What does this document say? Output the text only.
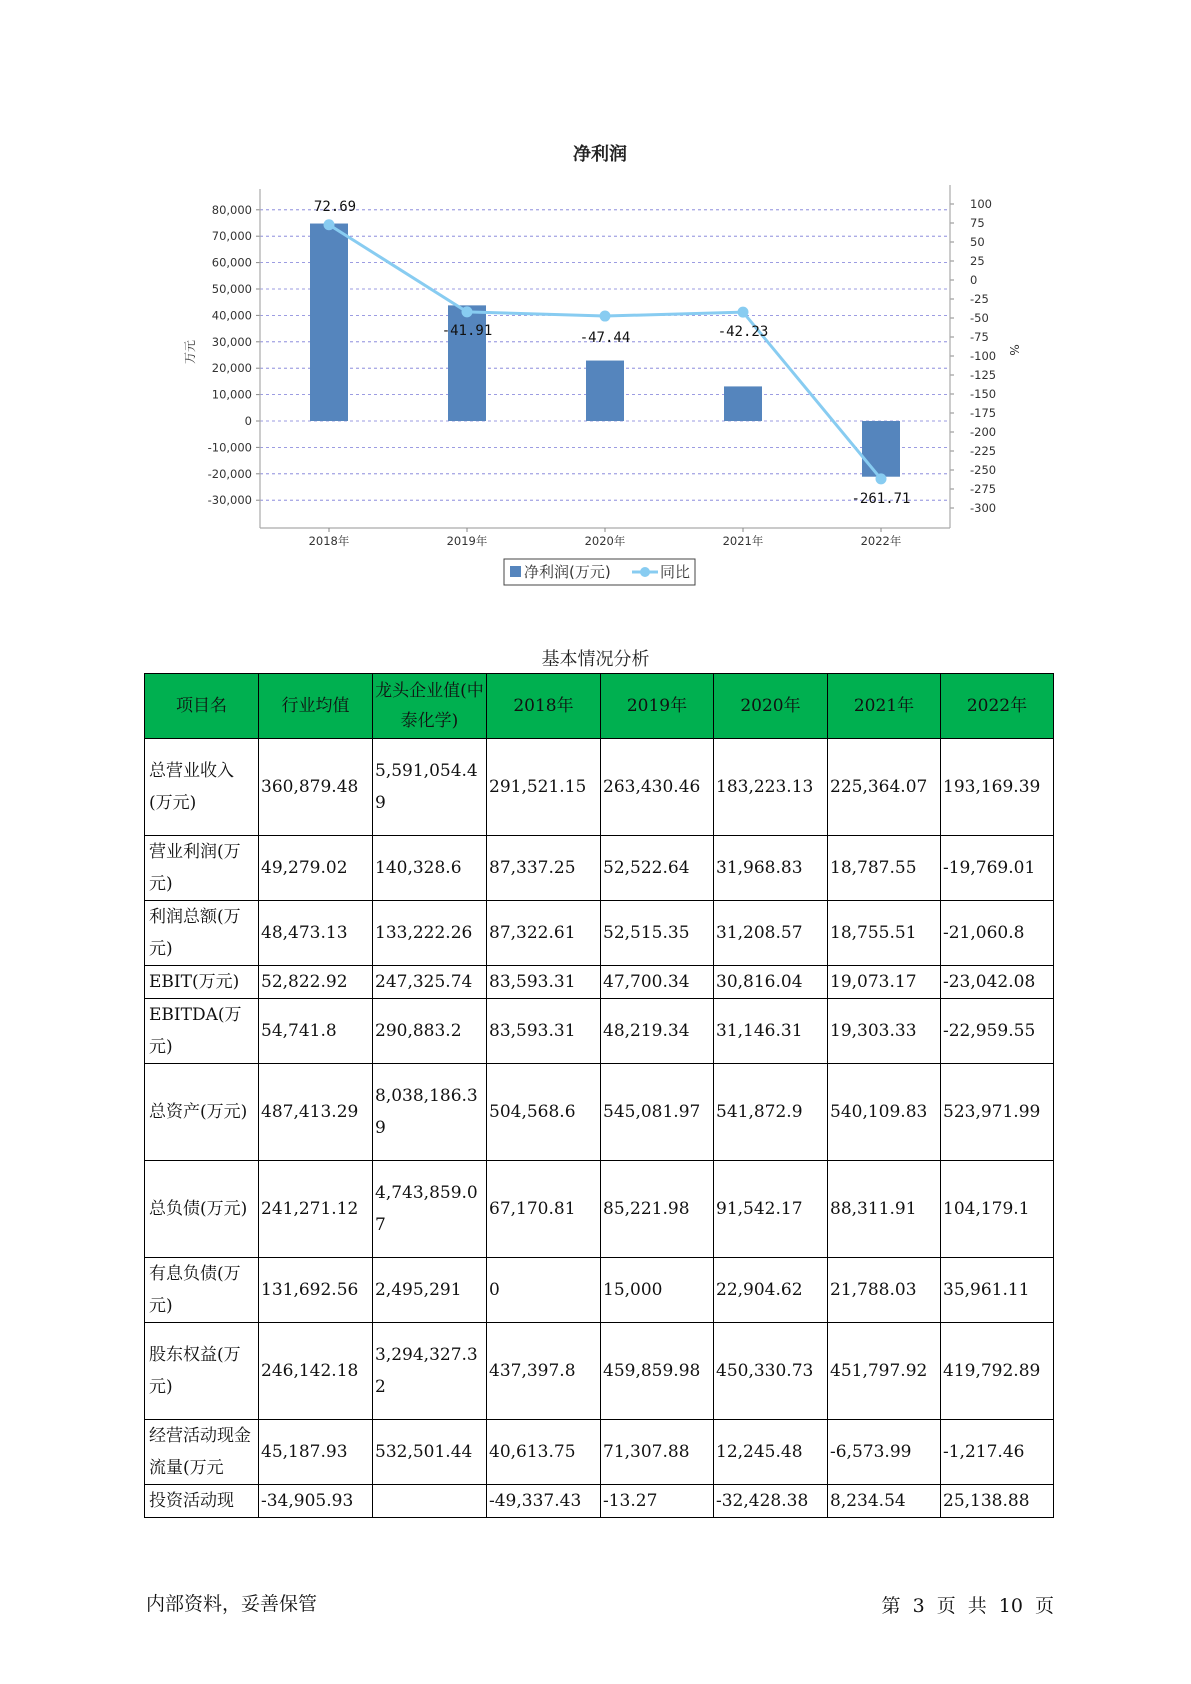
净利润
80,000
70,000
60,000
50,000
40,000
30,000
20,000
10,000
0
-10,000
-20,000
-30,000
100
75
50
25
0
-25
-50
-75
-100
-125
-150
-175
-200
-225
-250
-275
-300
万元	%
2018年	2019年	2020年	2021年	2022年
72.69
-41.91	-47.44	-42.23
-261.71
净利润(万元)	同比
基本情况分析
项目名	行业均值	龙头企业值(中泰化学)	2018年	2019年	2020年	2021年	2022年
总营业收入(万元)	360,879.48	5,591,054.49	291,521.15	263,430.46	183,223.13	225,364.07	193,169.39
营业利润(万元)	49,279.02	140,328.6	87,337.25	52,522.64	31,968.83	18,787.55	-19,769.01
利润总额(万元)	48,473.13	133,222.26	87,322.61	52,515.35	31,208.57	18,755.51	-21,060.8
EBIT(万元)	52,822.92	247,325.74	83,593.31	47,700.34	30,816.04	19,073.17	-23,042.08
EBITDA(万元)	54,741.8	290,883.2	83,593.31	48,219.34	31,146.31	19,303.33	-22,959.55
总资产(万元)	487,413.29	8,038,186.39	504,568.6	545,081.97	541,872.9	540,109.83	523,971.99
总负债(万元)	241,271.12	4,743,859.07	67,170.81	85,221.98	91,542.17	88,311.91	104,179.1
有息负债(万元)	131,692.56	2,495,291	0	15,000	22,904.62	21,788.03	35,961.11
股东权益(万元)	246,142.18	3,294,327.32	437,397.8	459,859.98	450,330.73	451,797.92	419,792.89
经营活动现金流量(万元	45,187.93	532,501.44	40,613.75	71,307.88	12,245.48	-6,573.99	-1,217.46
投资活动现	-34,905.93		-49,337.43	-13.27	-32,428.38	8,234.54	25,138.88
内部资料，妥善保管	第 3 页 共 10 页
